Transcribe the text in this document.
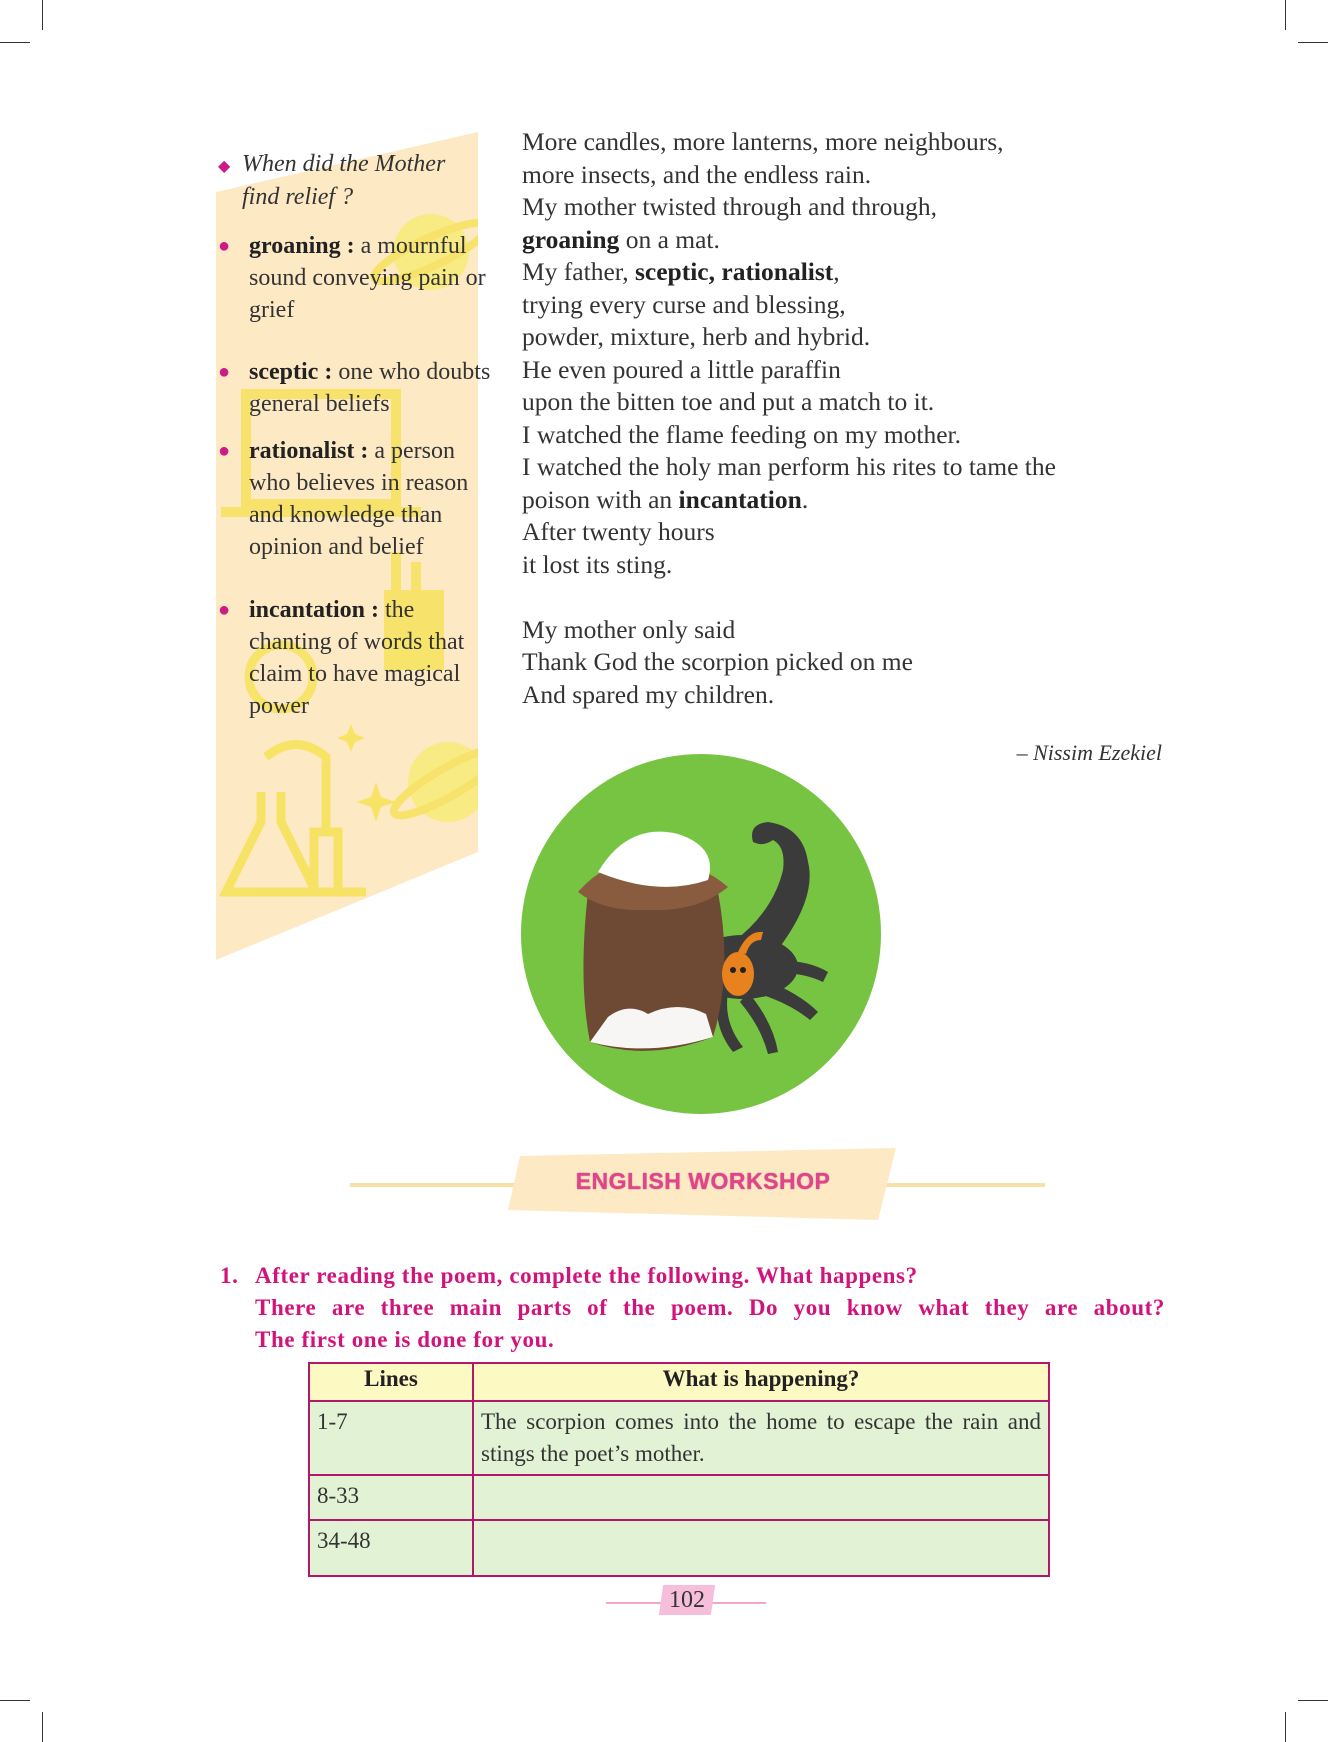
◆ When did the Mother find relief ?
● groaning : a mournful sound conveying pain or grief
● sceptic : one who doubts general beliefs
● rationalist : a person who believes in reason and knowledge than opinion and belief
● incantation : the chanting of words that claim to have magical power
More candles, more lanterns, more neighbours,
more insects, and the endless rain.
My mother twisted through and through,
groaning on a mat.
My father, sceptic, rationalist,
trying every curse and blessing,
powder, mixture, herb and hybrid.
He even poured a little paraffin
upon the bitten toe and put a match to it.
I watched the flame feeding on my mother.
I watched the holy man perform his rites to tame the
poison with an incantation.
After twenty hours
it lost its sting.
My mother only said
Thank God the scorpion picked on me
And spared my children.
– Nissim Ezekiel
ENGLISH WORKSHOP
1. After reading the poem, complete the following. What happens?
There are three main parts of the poem. Do you know what they are about?
The first one is done for you.
Lines	What is happening?
1-7	The scorpion comes into the home to escape the rain and stings the poet’s mother.
8-33	
34-48	
102
